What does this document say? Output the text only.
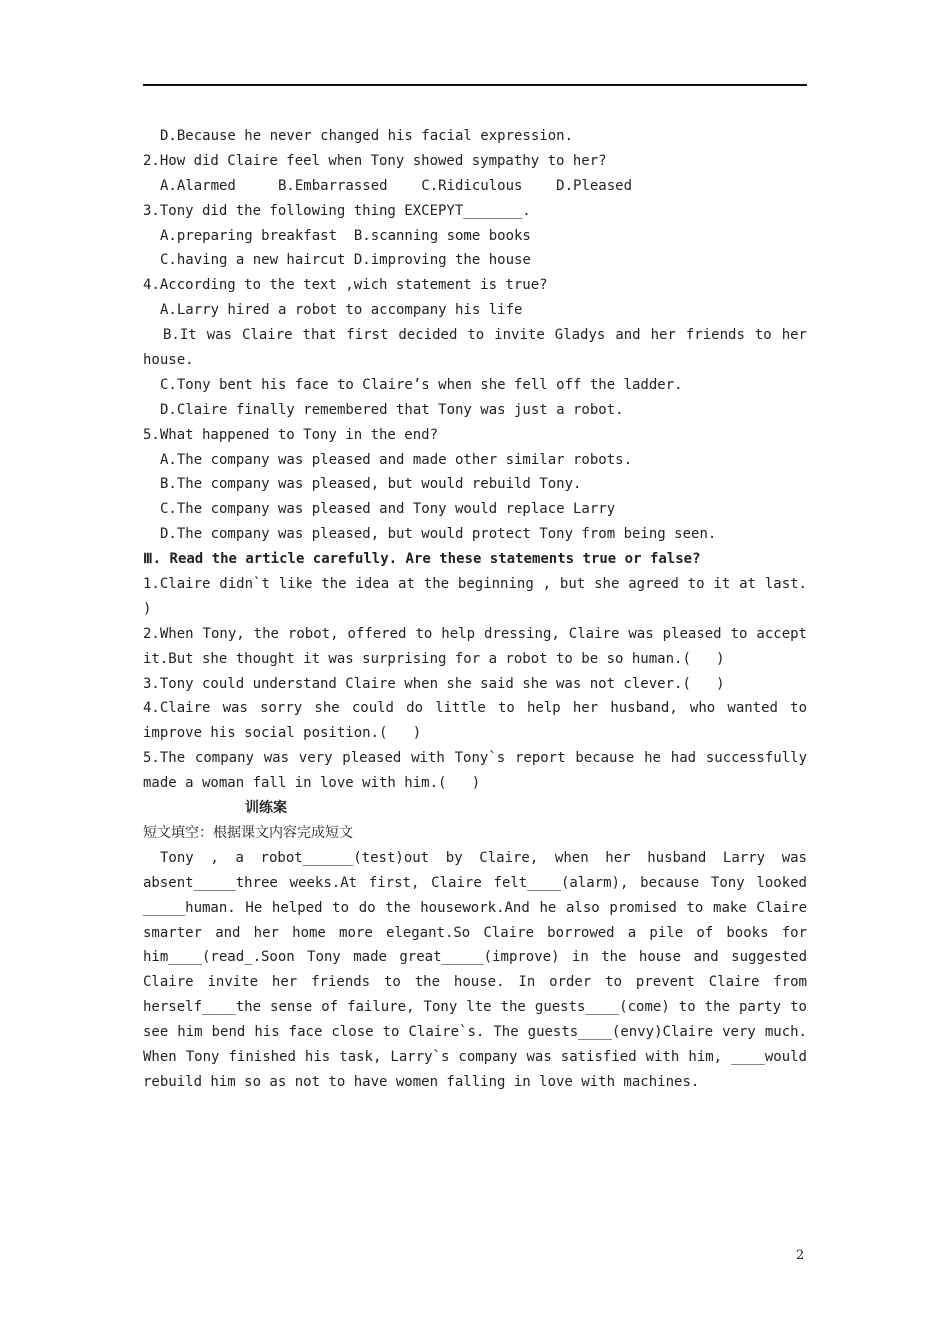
D.Because he never changed his facial expression.
2.How did Claire feel when Tony showed sympathy to her?
A.Alarmed     B.Embarrassed    C.Ridiculous    D.Pleased
3.Tony did the following thing EXCEPYT_______.
A.preparing breakfast  B.scanning some books
C.having a new haircut D.improving the house
4.According to the text ,wich statement is true?
A.Larry hired a robot to accompany his life
B.It was Claire that first decided to invite Gladys and her friends to her
house.
C.Tony bent his face to Claire’s when she fell off the ladder.
D.Claire finally remembered that Tony was just a robot.
5.What happened to Tony in the end?
A.The company was pleased and made other similar robots.
B.The company was pleased, but would rebuild Tony.
C.The company was pleased and Tony would replace Larry
D.The company was pleased, but would protect Tony from being seen.
Ⅲ. Read the article carefully. Are these statements true or false?
1.Claire didn`t like the idea at the beginning , but she agreed to it at last.
)
2.When Tony, the robot, offered to help dressing, Claire was pleased to accept
it.But she thought it was surprising for a robot to be so human.(   )
3.Tony could understand Claire when she said she was not clever.(   )
4.Claire was sorry she could do little to help her husband, who wanted to
improve his social position.(   )
5.The company was very pleased with Tony`s report because he had successfully
made a woman fall in love with him.(   )
训练案
短文填空：根据课文内容完成短文
Tony , a robot______(test)out by Claire, when her husband Larry was
absent_____three weeks.At first, Claire felt____(alarm), because Tony looked
_____human. He helped to do the housework.And he also promised to make Claire
smarter and her home more elegant.So Claire borrowed a pile of books for
him____(read_.Soon Tony made great_____(improve) in the house and suggested
Claire invite her friends to the house. In order to prevent Claire from
herself____the sense of failure, Tony lte the guests____(come) to the party to
see him bend his face close to Claire`s. The guests____(envy)Claire very much.
When Tony finished his task, Larry`s company was satisfied with him, ____would
rebuild him so as not to have women falling in love with machines.
2
